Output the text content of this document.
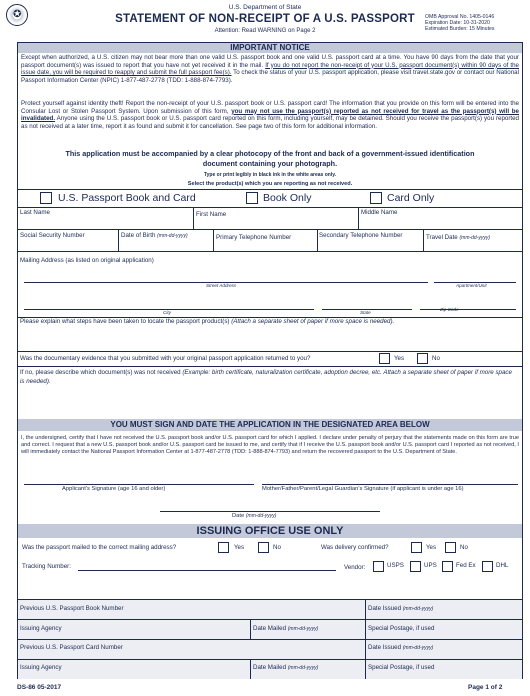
✪
U.S. Department of State
STATEMENT OF NON-RECEIPT OF A U.S. PASSPORT
Attention: Read WARNING on Page 2
OMB Approval No. 1405-0146
Expiration Date: 10-31-2020
Estimated Burden: 15 Minutes
IMPORTANT NOTICE
Except when authorized, a U.S. citizen may not bear more than one valid U.S. passport book and one valid U.S. passport card at a time. You have 90 days from the date that your passport document(s) was issued to report that you have not yet received it in the mail. If you do not report the non-receipt of your U.S. passport document(s) within 90 days of the issue date, you will be required to reapply and submit the full passport fee(s). To check the status of your U.S. passport application, please visit travel.state.gov or contact our National Passport Information Center (NPIC) 1-877-487-2778 (TDD: 1-888-874-7793).
Protect yourself against identity theft! Report the non-receipt of your U.S. passport book or U.S. passport card! The information that you provide on this form will be entered into the Consular Lost or Stolen Passport System. Upon submission of this form, you may not use the passport(s) reported as not received for travel as the passport(s) will be invalidated. Anyone using the U.S. passport book or U.S. passport card reported on this form, including yourself, may be detained. Should you receive the passport(s) you reported as not received at a later time, report it as found and submit it for cancellation. See page two of this form for additional information.
This application must be accompanied by a clear photocopy of the front and back of a government-issued identification
document containing your photograph.
Type or print legibly in black ink in the white areas only.
Select the product(s) which you are reporting as not received.
U.S. Passport Book and Card	Book Only	Card Only
Last Name	First Name	Middle Name
Social Security Number	Date of Birth (mm-dd-yyyy)	Primary Telephone Number	Secondary Telephone Number	Travel Date (mm-dd-yyyy)
Mailing Address (as listed on original application)
Street Address	Apartment/Unit
City	State
Zip Code
Please explain what steps have been taken to locate the passport product(s) (Attach a separate sheet of paper if more space is needed).
Was the documentary evidence that you submitted with your original passport application returned to you?	Yes	No
If no, please describe which document(s) was not received (Example: birth certificate, naturalization certificate, adoption decree, etc. Attach a separate sheet of paper if more space is needed).
YOU MUST SIGN AND DATE THE APPLICATION IN THE DESIGNATED AREA BELOW
I, the undersigned, certify that I have not received the U.S. passport book and/or U.S. passport card for which I applied. I declare under penalty of perjury that the statements made on this form are true and correct. I request that a new U.S. passport book and/or U.S. passport card be issued to me, and certify that if I receive the U.S. passport book and/or U.S. passport card I reported as not received, I will immediately contact the National Passport Information Center at 1-877-487-2778 (TDD: 1-888-874-7793) and return the recovered passport to the U.S. Department of State.
Applicant's Signature (age 16 and older)	Mother/Father/Parent/Legal Guardian's Signature (if applicant is under age 16)
Date (mm-dd-yyyy)
ISSUING OFFICE USE ONLY
Was the passport mailed to the correct mailing address?	Yes	No	Was delivery confirmed?	Yes	No
Tracking Number:	Vendor:	USPS	UPS	Fed Ex	DHL
Previous U.S. Passport Book Number	Date Issued (mm-dd-yyyy)
Issuing Agency	Date Mailed (mm-dd-yyyy)	Special Postage, if used
Previous U.S. Passport Card Number	Date Issued (mm-dd-yyyy)
Issuing Agency	Date Mailed (mm-dd-yyyy)	Special Postage, if used
DS-86 05-2017	Page 1 of 2
